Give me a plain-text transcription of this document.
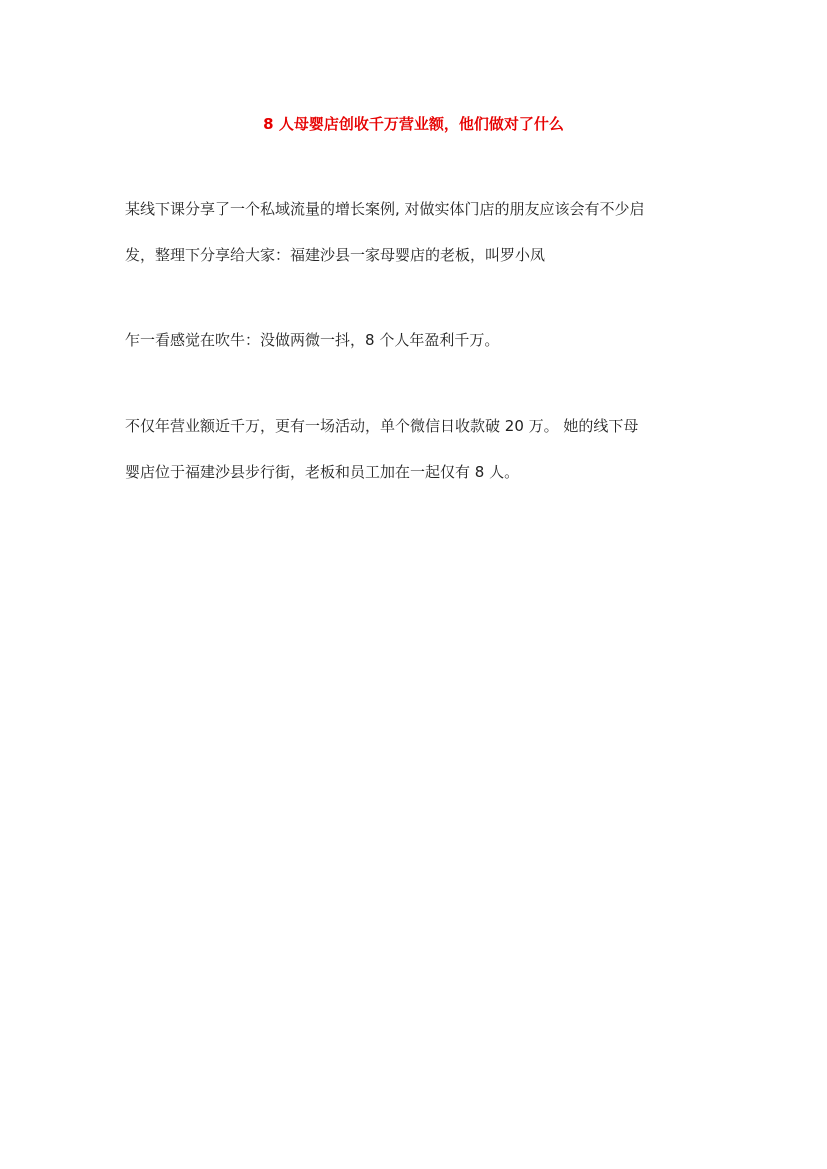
8 人母婴店创收千万营业额，他们做对了什么
某线下课分享了一个私域流量的增长案例, 对做实体门店的朋友应该会有不少启
发，整理下分享给大家：福建沙县一家母婴店的老板，叫罗小凤
乍一看感觉在吹牛：没做两微一抖，8 个人年盈利千万。
不仅年营业额近千万，更有一场活动，单个微信日收款破 20 万。 她的线下母
婴店位于福建沙县步行街，老板和员工加在一起仅有 8 人。
